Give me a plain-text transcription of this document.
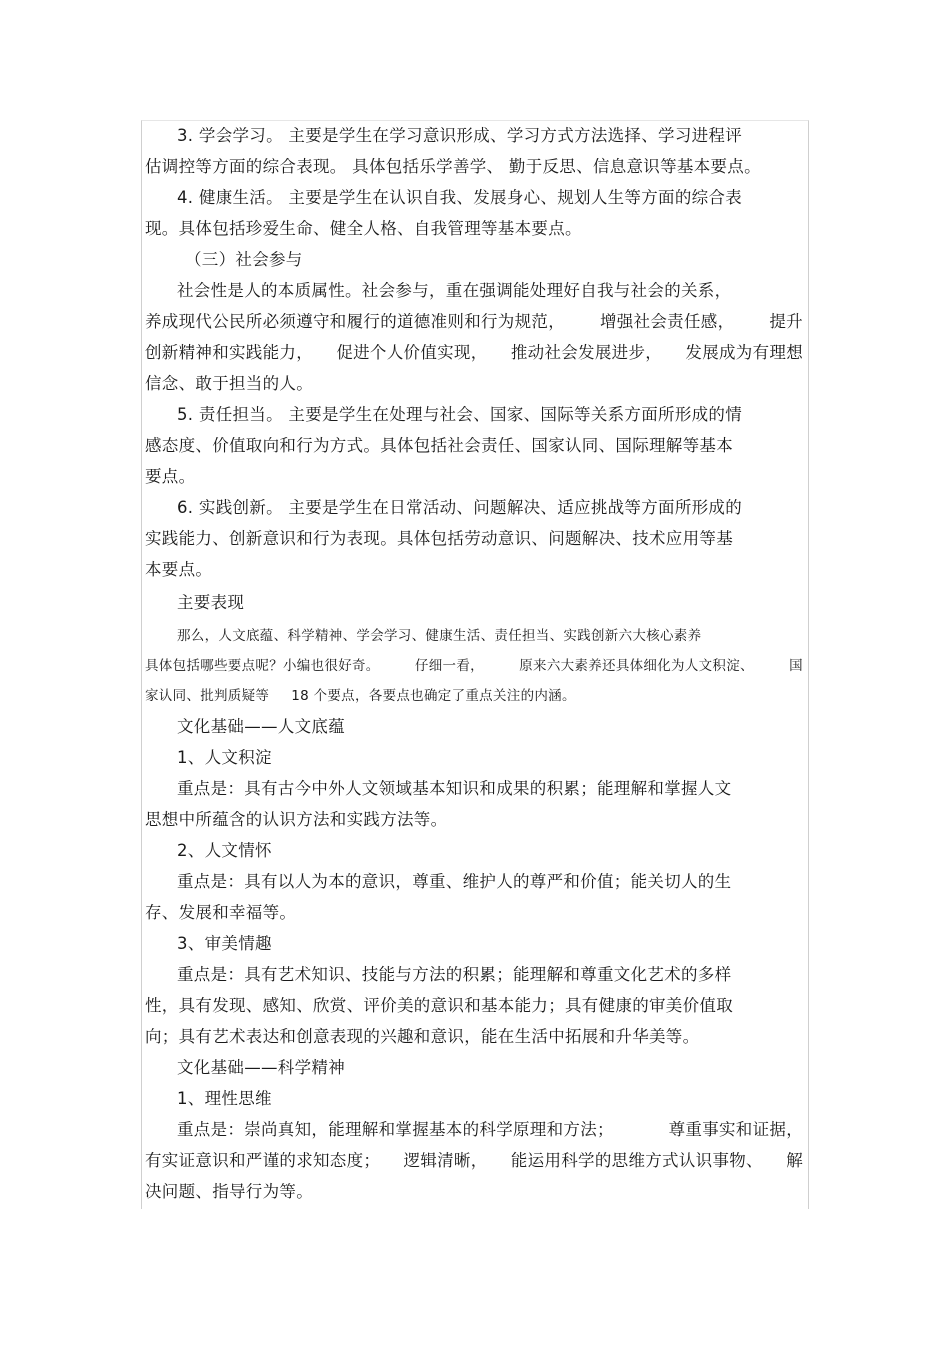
3. 学会学习。 主要是学生在学习意识形成、学习方式方法选择、学习进程评
估调控等方面的综合表现。 具体包括乐学善学、 勤于反思、信息意识等基本要点。
4. 健康生活。 主要是学生在认识自我、发展身心、规划人生等方面的综合表
现。具体包括珍爱生命、健全人格、自我管理等基本要点。
（三）社会参与
社会性是人的本质属性。社会参与，重在强调能处理好自我与社会的关系，
养成现代公民所必须遵守和履行的道德准则和行为规范， 增强社会责任感， 提升
创新精神和实践能力， 促进个人价值实现， 推动社会发展进步， 发展成为有理想
信念、敢于担当的人。
5. 责任担当。 主要是学生在处理与社会、国家、国际等关系方面所形成的情
感态度、价值取向和行为方式。具体包括社会责任、国家认同、国际理解等基本
要点。
6. 实践创新。 主要是学生在日常活动、问题解决、适应挑战等方面所形成的
实践能力、创新意识和行为表现。具体包括劳动意识、问题解决、技术应用等基
本要点。
主要表现
那么，人文底蕴、科学精神、学会学习、健康生活、责任担当、实践创新六大核心素养
具体包括哪些要点呢？小编也很好奇。	仔细一看，	原来六大素养还具体细化为人文积淀、	国
家认同、批判质疑等 18 个要点，各要点也确定了重点关注的内涵。
文化基础——人文底蕴
1、人文积淀
重点是：具有古今中外人文领域基本知识和成果的积累；能理解和掌握人文
思想中所蕴含的认识方法和实践方法等。
2、人文情怀
重点是：具有以人为本的意识，尊重、维护人的尊严和价值；能关切人的生
存、发展和幸福等。
3、审美情趣
重点是：具有艺术知识、技能与方法的积累；能理解和尊重文化艺术的多样
性，具有发现、感知、欣赏、评价美的意识和基本能力；具有健康的审美价值取
向；具有艺术表达和创意表现的兴趣和意识，能在生活中拓展和升华美等。
文化基础——科学精神
1、理性思维
重点是：崇尚真知，能理解和掌握基本的科学原理和方法；	尊重事实和证据，
有实证意识和严谨的求知态度； 逻辑清晰， 能运用科学的思维方式认识事物、 解
决问题、指导行为等。
